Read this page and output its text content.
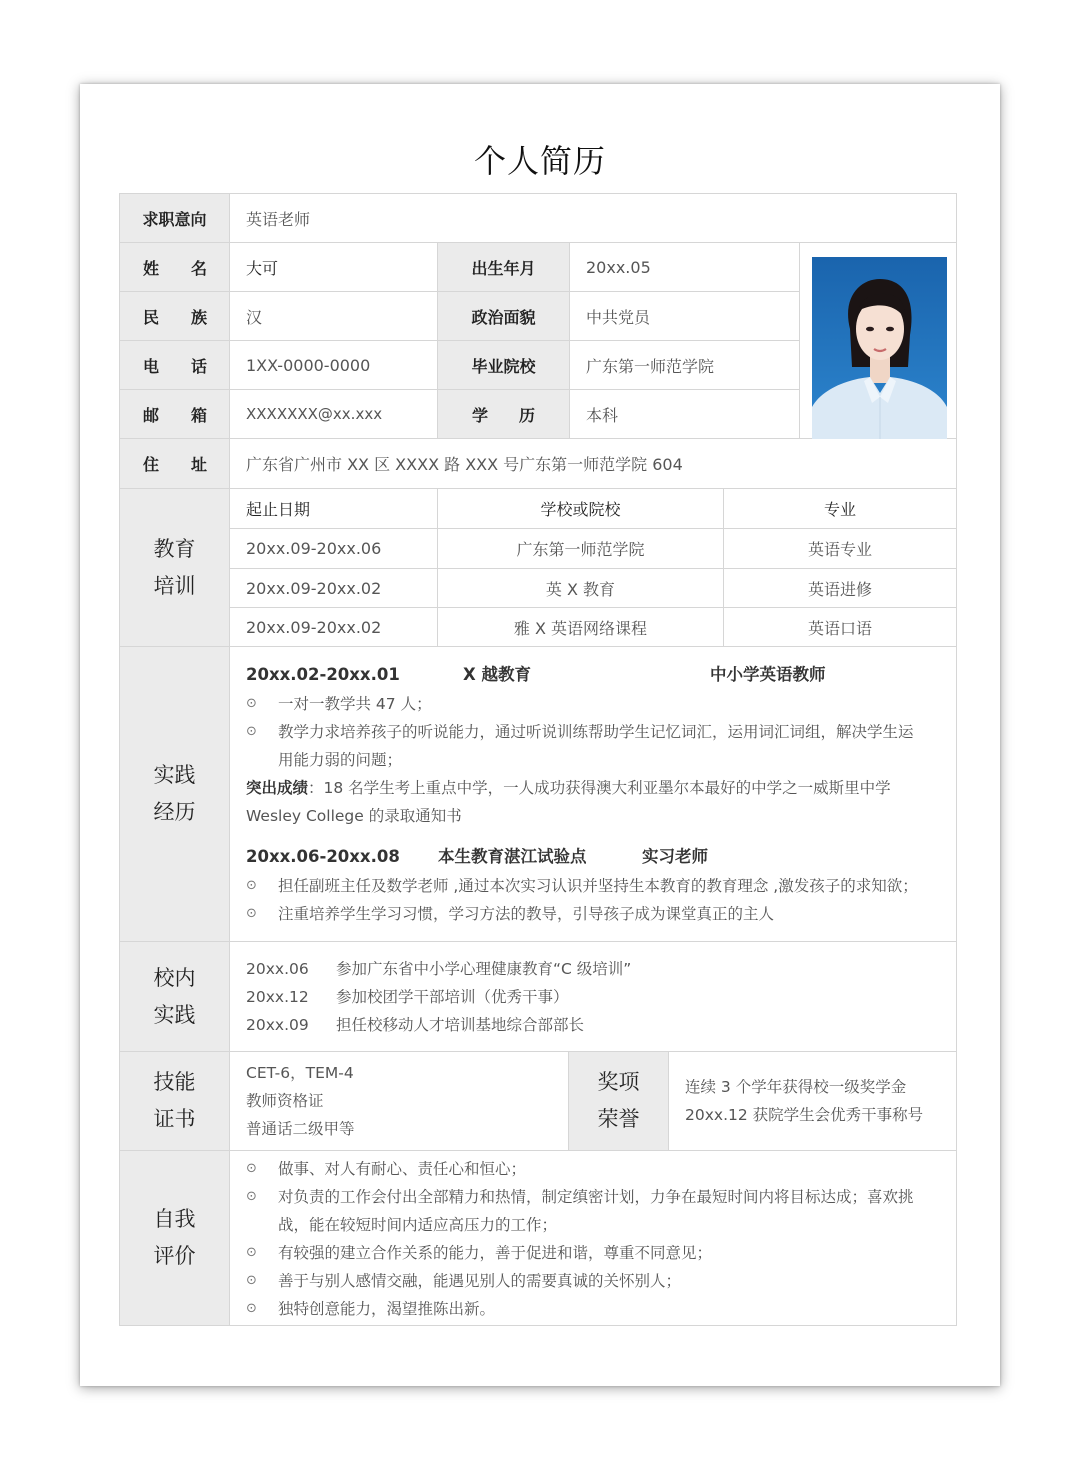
个人简历
求职意向	英语老师
姓 名	大可	出生年月	20xx.05
民 族	汉	政治面貌	中共党员
电 话	1XX-0000-0000	毕业院校	广东第一师范学院
邮 箱	XXXXXXX@xx.xxx	学 历	本科
住 址	广东省广州市 XX 区 XXXX 路 XXX 号广东第一师范学院 604
教育
培训
起止日期	学校或院校	专业
20xx.09-20xx.06	广东第一师范学院	英语专业
20xx.09-20xx.02	英 X 教育	英语进修
20xx.09-20xx.02	雅 X 英语网络课程	英语口语
实践
经历
20xx.02-20xx.01	X 越教育	中小学英语教师
⊙ 一对一教学共 47 人；
⊙ 教学力求培养孩子的听说能力，通过听说训练帮助学生记忆词汇，运用词汇词组，解决学生运
用能力弱的问题；
突出成绩：18 名学生考上重点中学，一人成功获得澳大利亚墨尔本最好的中学之一威斯里中学
Wesley College 的录取通知书
20xx.06-20xx.08 本生教育湛江试验点	实习老师
⊙ 担任副班主任及数学老师 ,通过本次实习认识并坚持生本教育的教育理念 ,激发孩子的求知欲；
⊙ 注重培养学生学习习惯，学习方法的教导，引导孩子成为课堂真正的主人
校内
实践
20xx.06 参加广东省中小学心理健康教育“C 级培训”
20xx.12 参加校团学干部培训（优秀干事）
20xx.09 担任校移动人才培训基地综合部部长
技能
证书
CET-6，TEM-4
教师资格证
普通话二级甲等
奖项
荣誉
连续 3 个学年获得校一级奖学金
20xx.12 获院学生会优秀干事称号
自我
评价
⊙ 做事、对人有耐心、责任心和恒心；
⊙ 对负责的工作会付出全部精力和热情，制定缜密计划，力争在最短时间内将目标达成；喜欢挑
战，能在较短时间内适应高压力的工作；
⊙ 有较强的建立合作关系的能力，善于促进和谐，尊重不同意见；
⊙ 善于与别人感情交融，能遇见别人的需要真诚的关怀别人；
⊙ 独特创意能力，渴望推陈出新。
